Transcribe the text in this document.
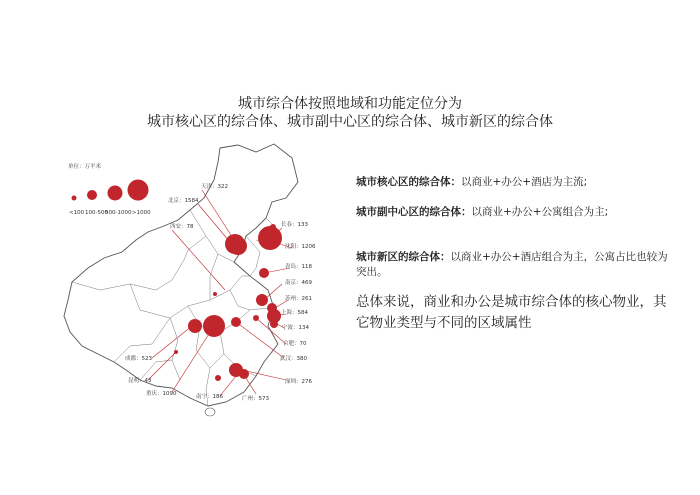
城市综合体按照地域和功能定位分为
城市核心区的综合体、城市副中心区的综合体、城市新区的综合体
单位：万平米
<100 100-500
500-1000 >1000
天津：322
北京：1584
长春：133
西安：78
沈阳：1206
青岛：118
南京：469
苏州：261
上海：584
宁波：134
合肥：70
成都：523	武汉：380
昆明：43	深圳：276
重庆：1090	南宁：186	广州：573
城市核心区的综合体：以商业+办公+酒店为主流;
城市副中心区的综合体：以商业+办公+公寓组合为主;
城市新区的综合体：以商业+办公+酒店组合为主，公寓占比也较为突出。
总体来说，商业和办公是城市综合体的核心物业，其它物业类型与不同的区域属性
